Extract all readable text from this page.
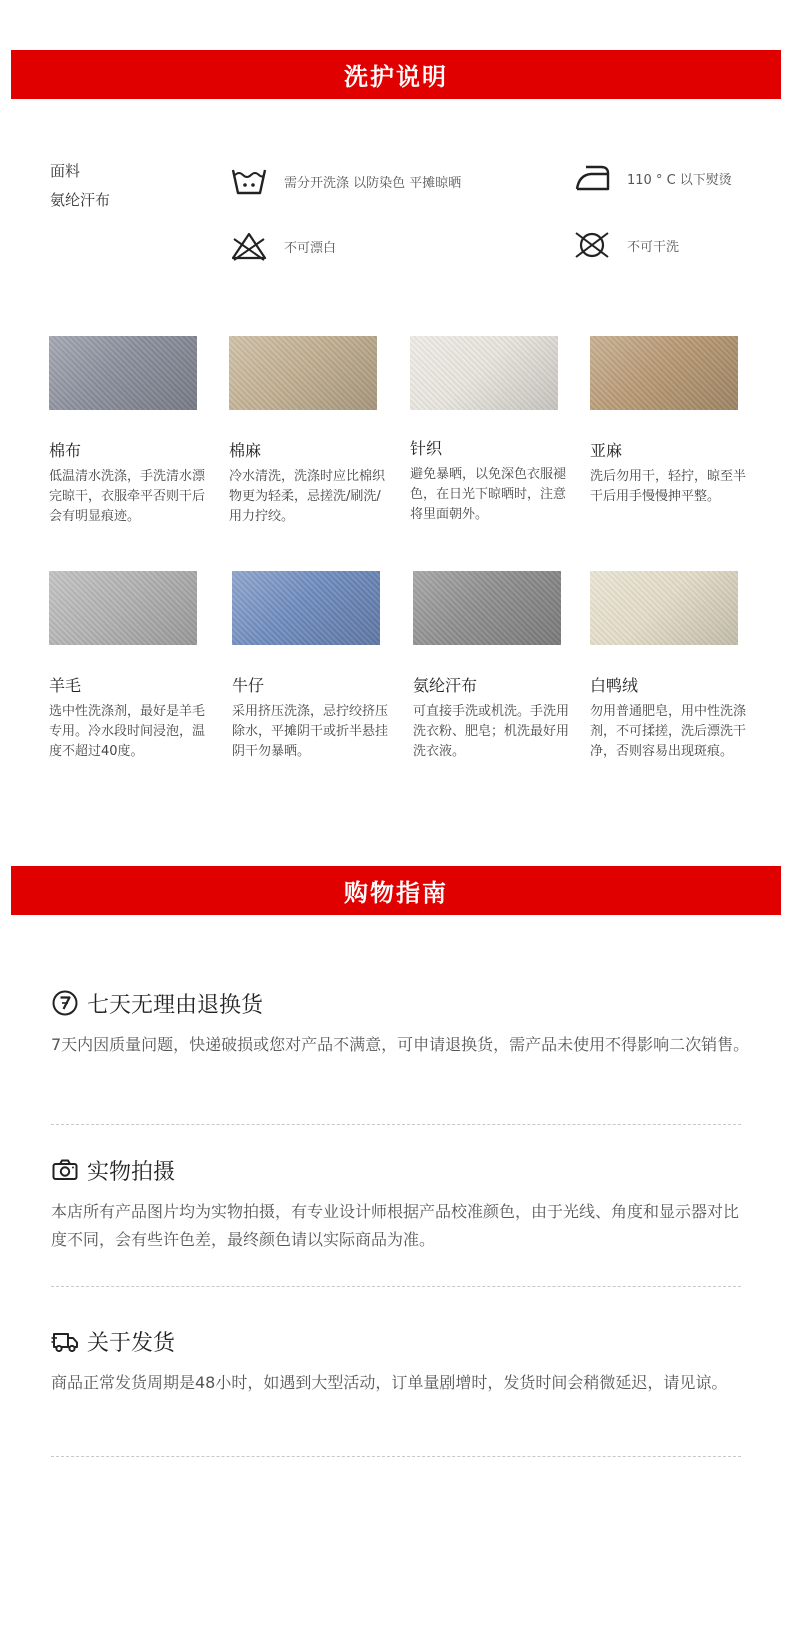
洗护说明
面料
氨纶汗布
需分开洗涤 以防染色 平摊晾晒	110 ° C 以下熨烫
不可漂白	不可干洗
棉布
低温清水洗涤，手洗清水漂完晾干，衣服牵平否则干后会有明显痕迹。
棉麻
冷水清洗，洗涤时应比棉织物更为轻柔，忌搓洗/刷洗/用力拧绞。
针织
避免暴晒，以免深色衣服褪色，在日光下晾晒时，注意将里面朝外。
亚麻
洗后勿用干，轻拧，晾至半干后用手慢慢抻平整。
羊毛
选中性洗涤剂，最好是羊毛专用。冷水段时间浸泡，温度不超过40度。
牛仔
采用挤压洗涤，忌拧绞挤压除水，平摊阴干或折半悬挂阴干勿暴晒。
氨纶汗布
可直接手洗或机洗。手洗用洗衣粉、肥皂；机洗最好用洗衣液。
白鸭绒
勿用普通肥皂，用中性洗涤剂，不可揉搓，洗后漂洗干净，否则容易出现斑痕。
购物指南
七天无理由退换货
7天内因质量问题，快递破损或您对产品不满意，可申请退换货，需产品未使用不得影响二次销售。
实物拍摄
本店所有产品图片均为实物拍摄，有专业设计师根据产品校准颜色，由于光线、角度和显示器对比度不同，会有些许色差，最终颜色请以实际商品为准。
关于发货
商品正常发货周期是48小时，如遇到大型活动，订单量剧增时，发货时间会稍微延迟，请见谅。
